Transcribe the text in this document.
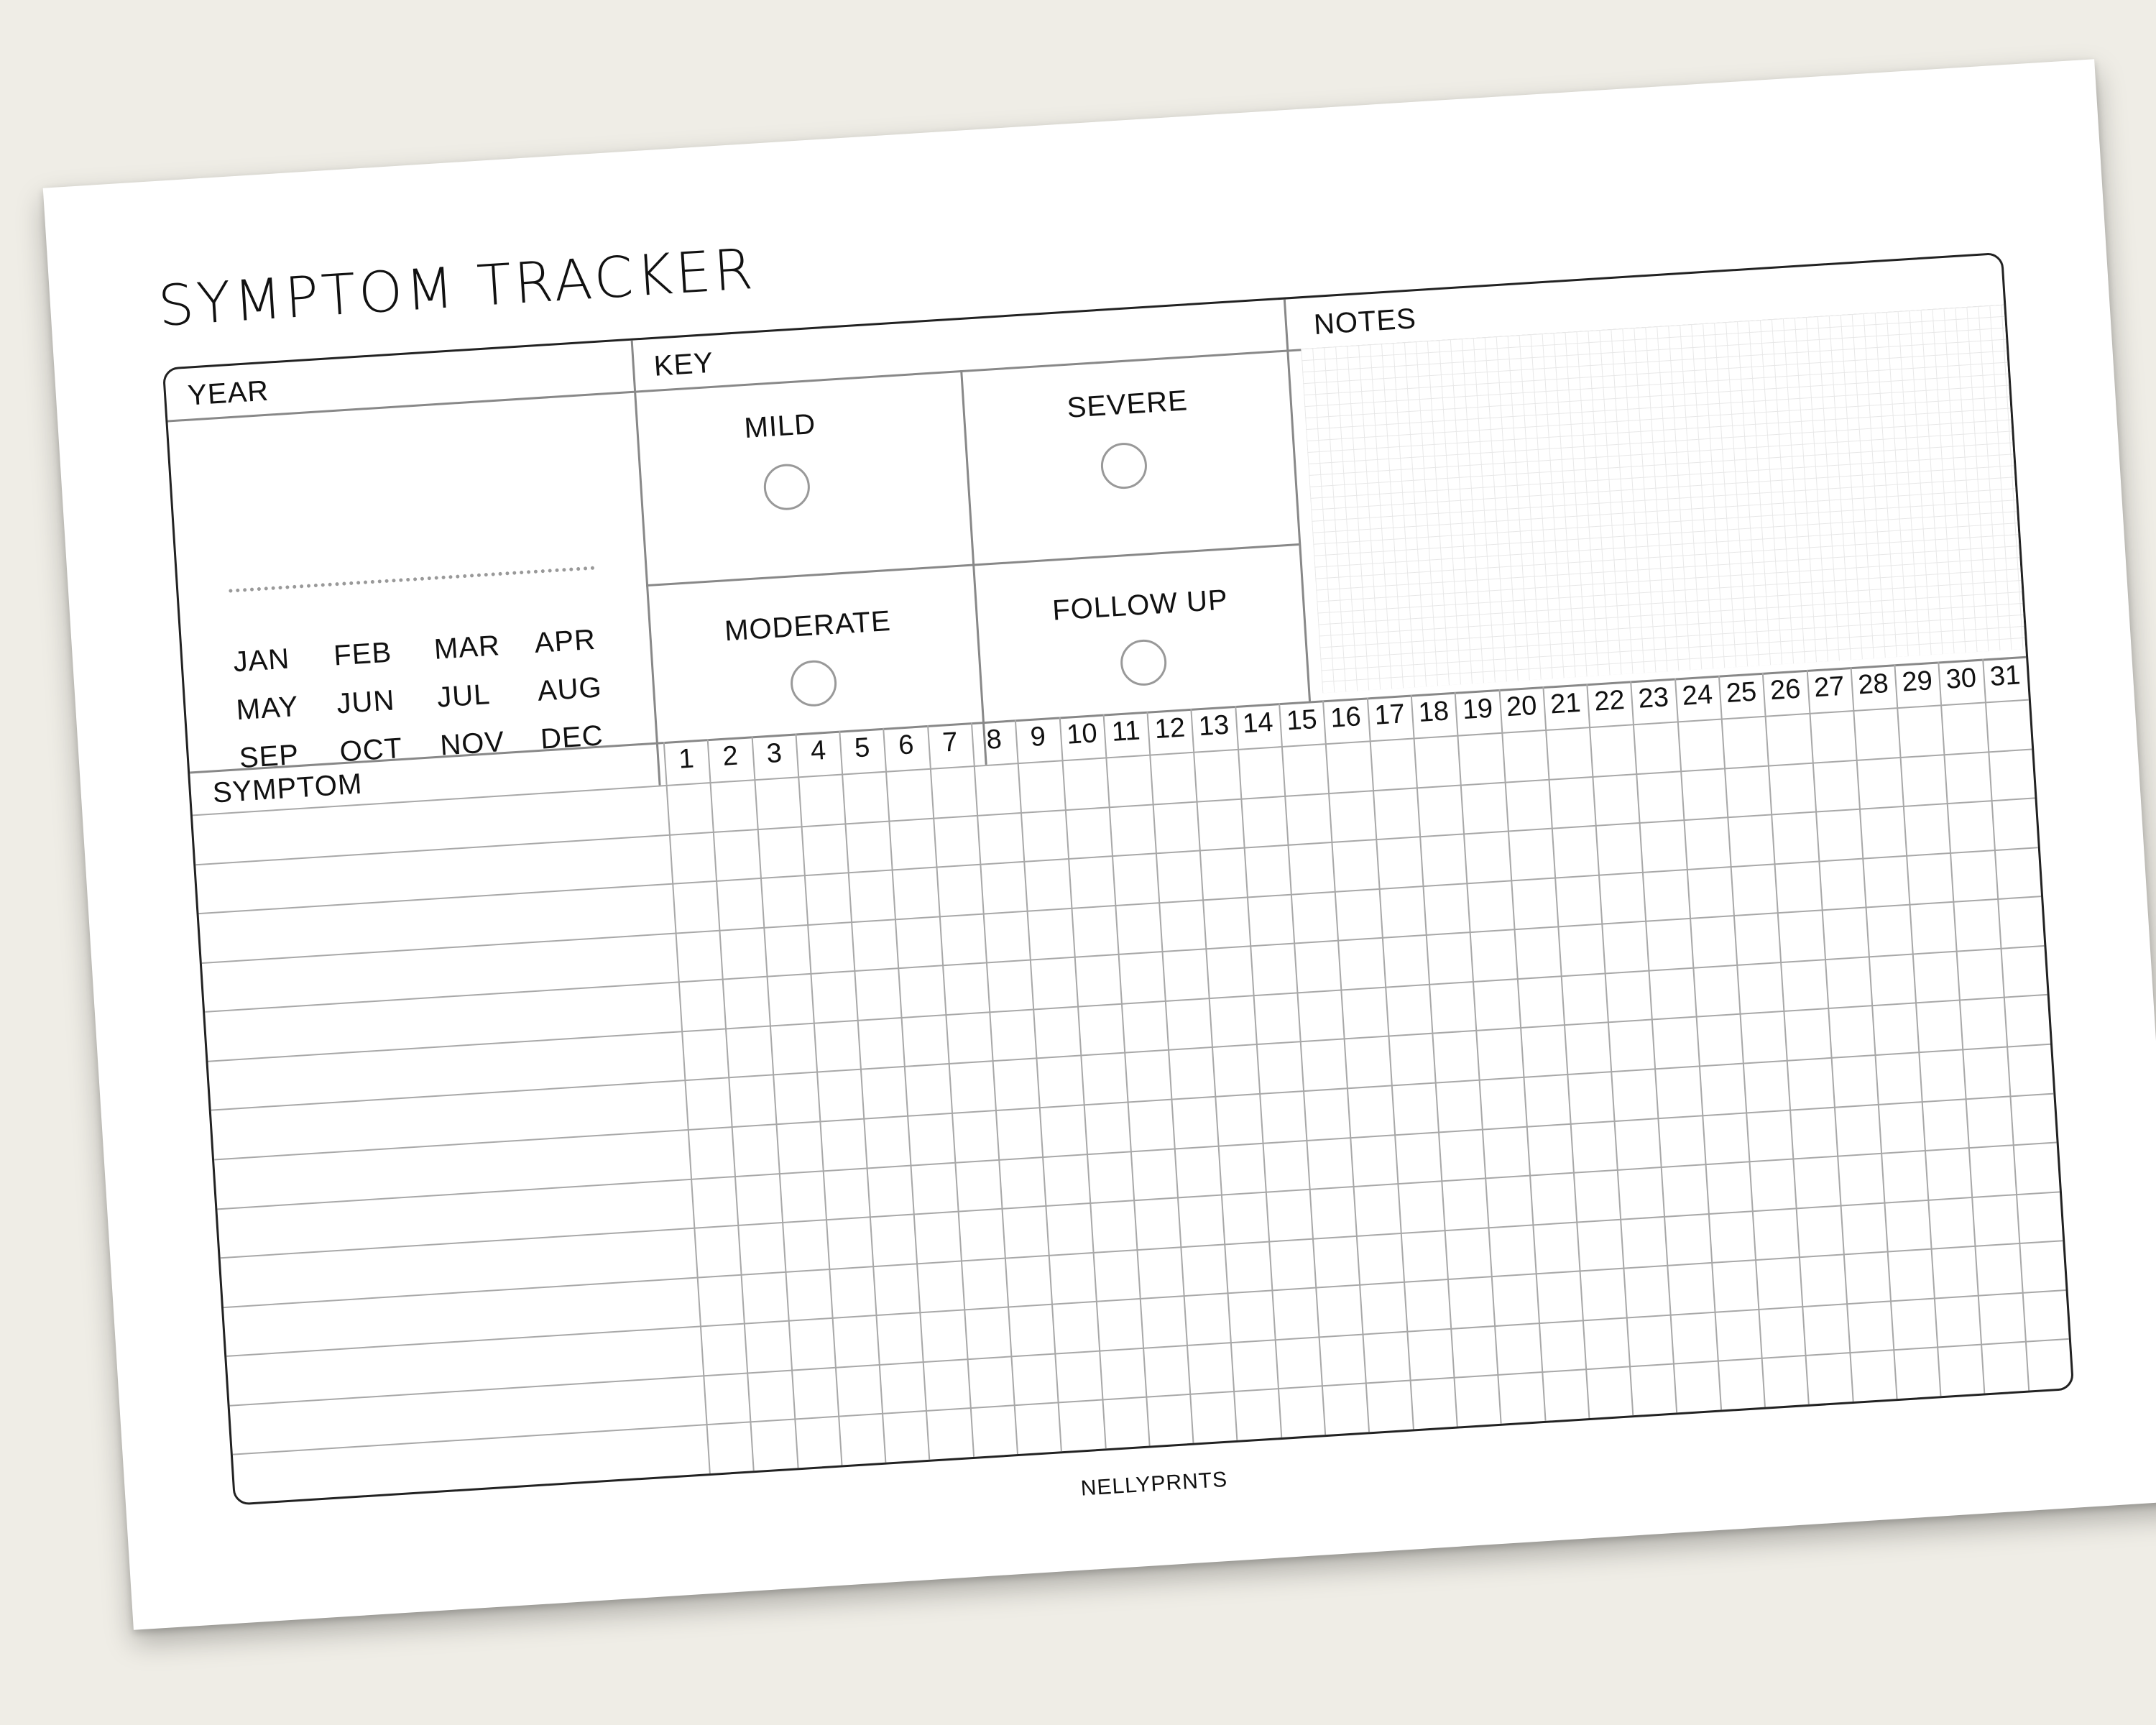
SYMPTOM TRACKER
YEAR
KEY
NOTES
JAN	FEB	MAR	APR
MAY	JUN	JUL	AUG
SEP	OCT	NOV	DEC
MILD
SEVERE
MODERATE	FOLLOW UP
SYMPTOM
1 2 3 4 5 6 7 8 9 10 11 12 13 14 15 16 17 18 19 20 21 22 23 24 25 26 27 28 29 30 31
NELLYPRNTS
